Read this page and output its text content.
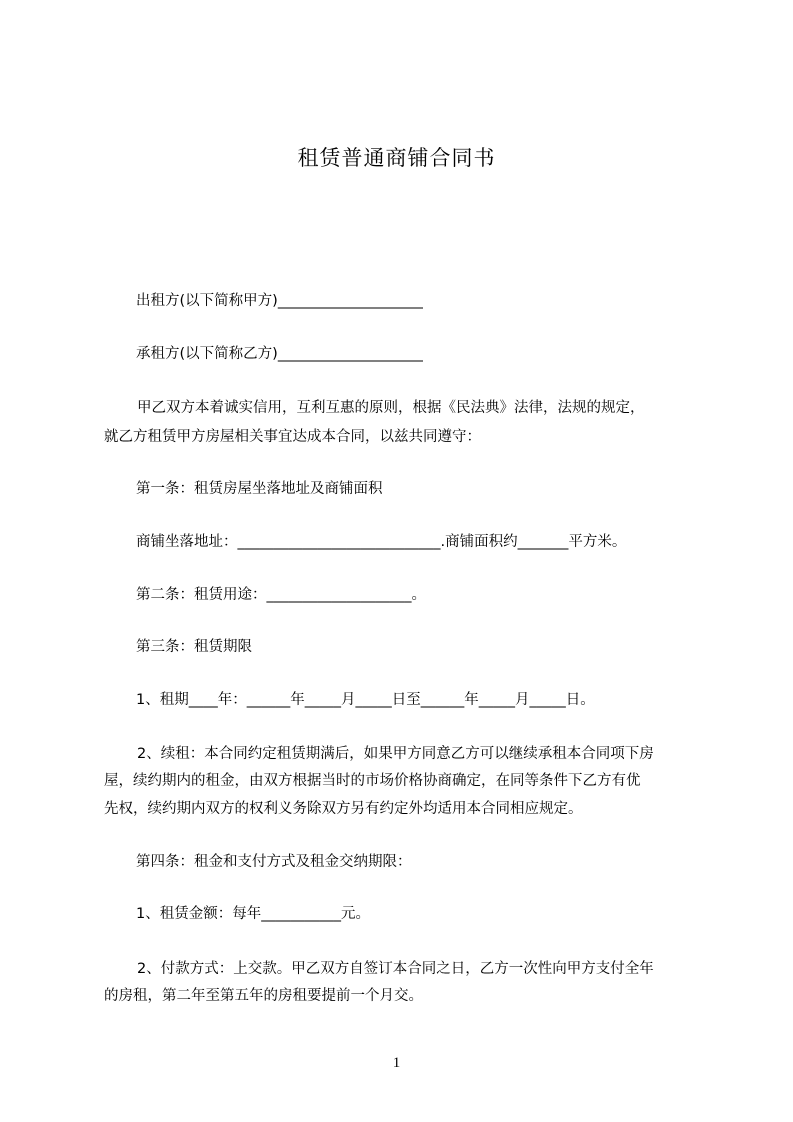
租赁普通商铺合同书
出租方(以下简称甲方)____________________
承租方(以下简称乙方)____________________
甲乙双方本着诚实信用，互利互惠的原则，根据《民法典》法律，法规的规定，
就乙方租赁甲方房屋相关事宜达成本合同，以兹共同遵守：
第一条：租赁房屋坐落地址及商铺面积
商铺坐落地址：____________________________.商铺面积约_______平方米。
第二条：租赁用途：____________________。
第三条：租赁期限
1、租期____年：______年_____月_____日至______年_____月_____日。
2、续租：本合同约定租赁期满后，如果甲方同意乙方可以继续承租本合同项下房
屋，续约期内的租金，由双方根据当时的市场价格协商确定，在同等条件下乙方有优
先权，续约期内双方的权利义务除双方另有约定外均适用本合同相应规定。
第四条：租金和支付方式及租金交纳期限：
1、租赁金额：每年___________元。
2、付款方式：上交款。甲乙双方自签订本合同之日，乙方一次性向甲方支付全年
的房租，第二年至第五年的房租要提前一个月交。
1
